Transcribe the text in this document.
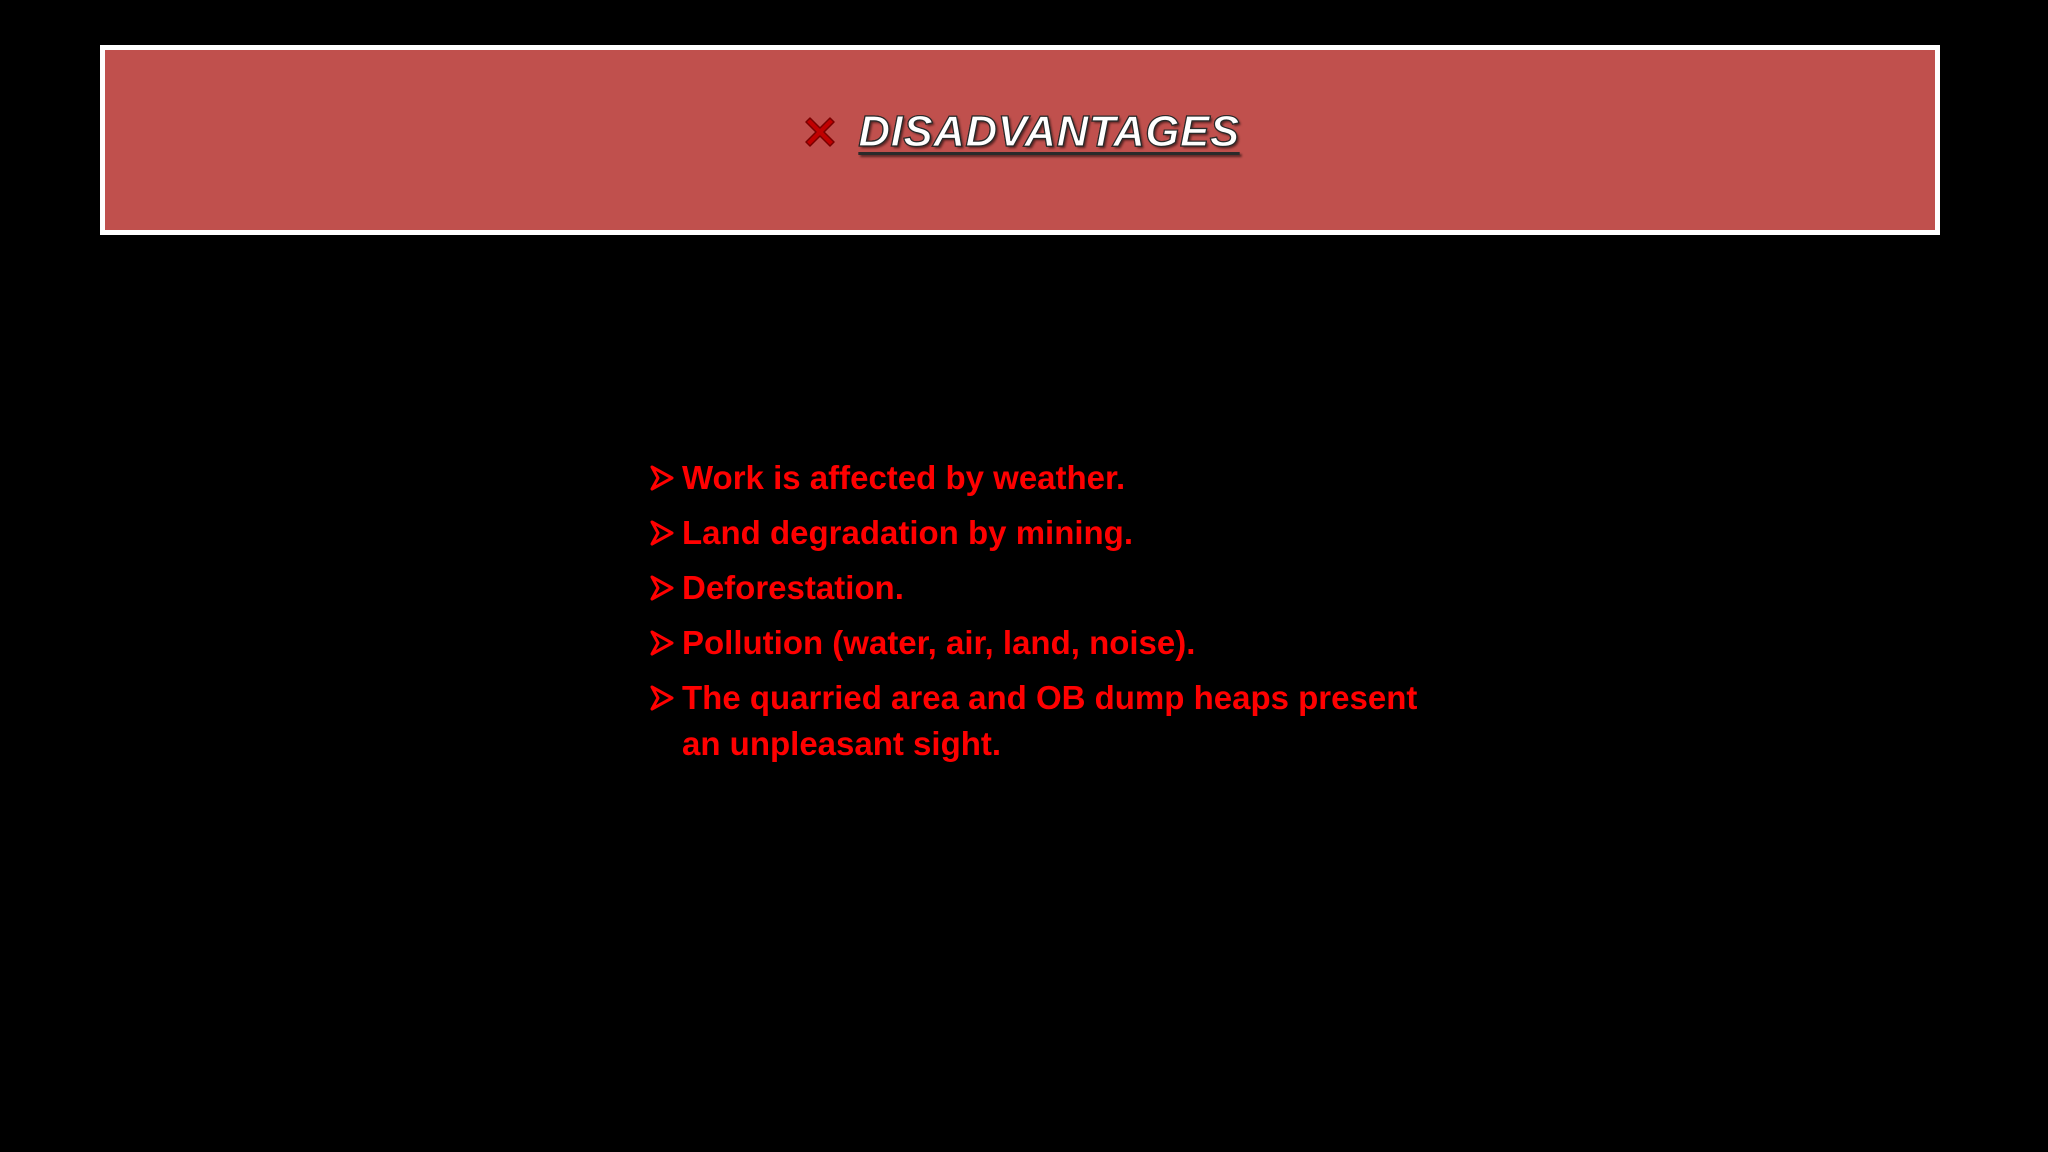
DISADVANTAGES
Work is affected by weather.
Land degradation by mining.
Deforestation.
Pollution (water, air, land, noise).
The quarried area and OB dump heaps present an unpleasant sight.
